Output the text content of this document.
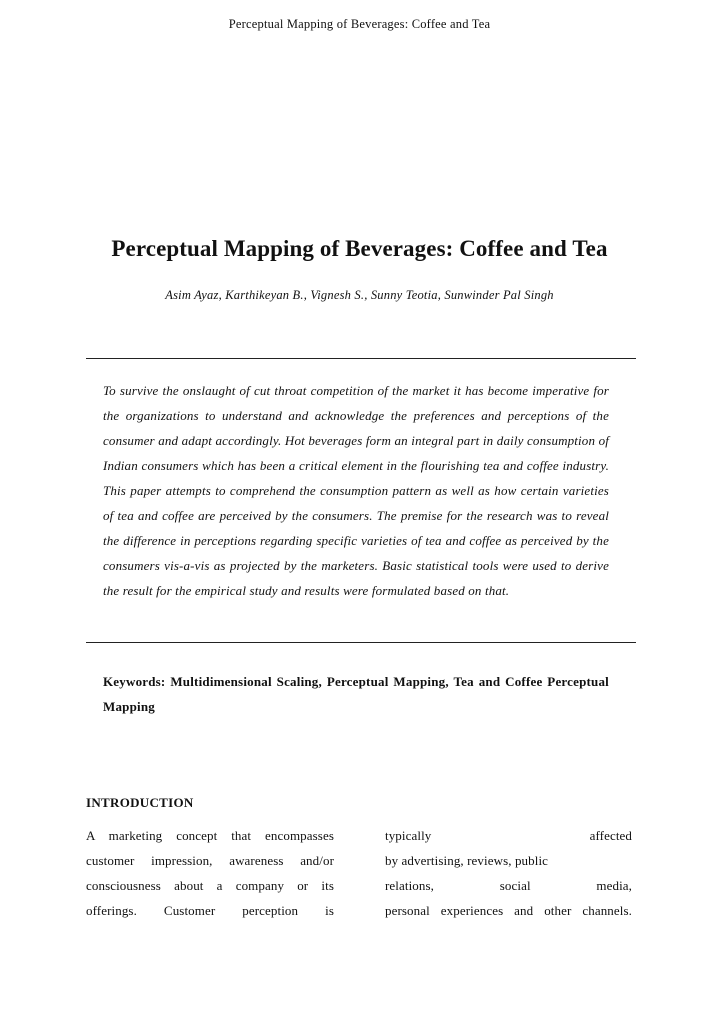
Perceptual Mapping of Beverages: Coffee and Tea
Perceptual Mapping of Beverages: Coffee and Tea
Asim Ayaz, Karthikeyan B., Vignesh S., Sunny Teotia, Sunwinder Pal Singh
To survive the onslaught of cut throat competition of the market it has become imperative for the organizations to understand and acknowledge the preferences and perceptions of the consumer and adapt accordingly. Hot beverages form an integral part in daily consumption of Indian consumers which has been a critical element in the flourishing tea and coffee industry. This paper attempts to comprehend the consumption pattern as well as how certain varieties of tea and coffee are perceived by the consumers. The premise for the research was to reveal the difference in perceptions regarding specific varieties of tea and coffee as perceived by the consumers vis-a-vis as projected by the marketers. Basic statistical tools were used to derive the result for the empirical study and results were formulated based on that.
Keywords: Multidimensional Scaling, Perceptual Mapping, Tea and Coffee Perceptual Mapping
INTRODUCTION
A marketing concept that encompasses
customer impression, awareness and/or
consciousness about a company or its
offerings. Customer perception is
typically affected
by advertising, reviews, public
relations, social media,
personal experiences and other channels.
